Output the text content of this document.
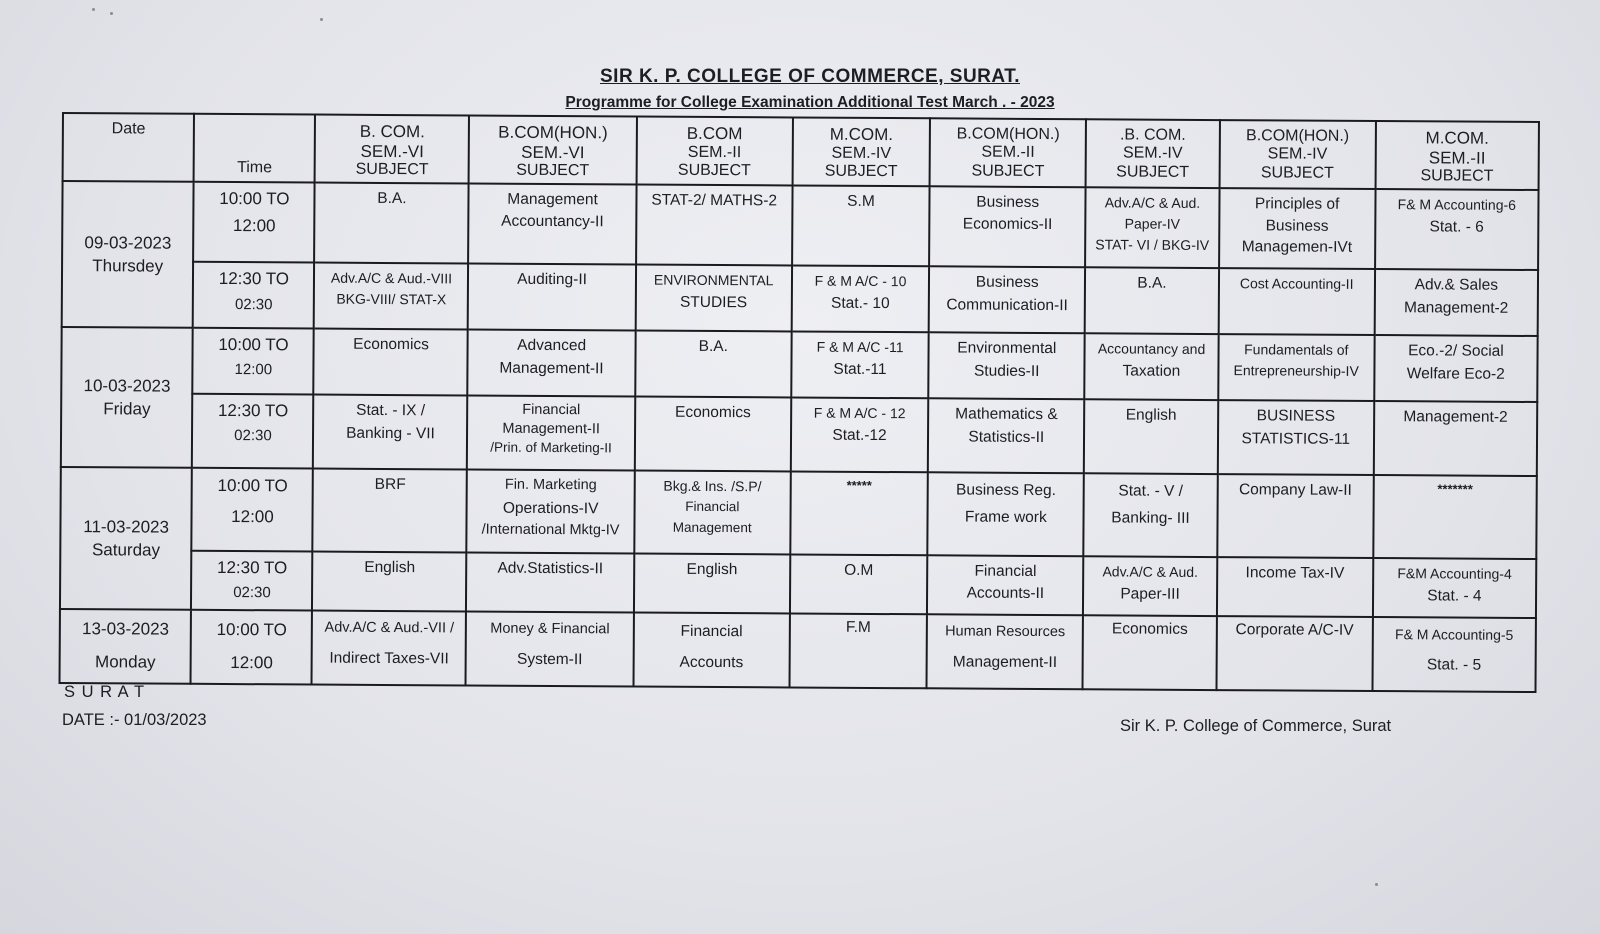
SIR K. P. COLLEGE OF COMMERCE, SURAT.
Programme for College Examination Additional Test March . - 2023
Date	Time	B. COM.
SEM.-VI
SUBJECT	B.COM(HON.)
SEM.-VI
SUBJECT	B.COM
SEM.-II
SUBJECT	M.COM.
SEM.-IV
SUBJECT	B.COM(HON.)
SEM.-II
SUBJECT	.B. COM.
SEM.-IV
SUBJECT	B.COM(HON.)
SEM.-IV
SUBJECT	M.COM.
SEM.-II
SUBJECT

09-03-2023
Thursdey	10:00 TO
12:00	B.A.	Management
Accountancy-II	STAT-2/ MATHS-2	S.M	Business
Economics-II	Adv.A/C & Aud.
Paper-IV
STAT- VI / BKG-IV	Principles of
Business
Managemen-IVt	F& M Accounting-6
Stat. - 6

	12:30 TO
02:30	Adv.A/C & Aud.-VIII
BKG-VIII/ STAT-X	Auditing-II	ENVIRONMENTAL
STUDIES	F & M A/C - 10
Stat.- 10	Business
Communication-II	B.A.	Cost Accounting-II	Adv.& Sales
Management-2

10-03-2023
Friday	10:00 TO
12:00	Economics	Advanced
Management-II	B.A.	F & M A/C -11
Stat.-11	Environmental
Studies-II	Accountancy and
Taxation	Fundamentals of
Entrepreneurship-IV	Eco.-2/ Social
Welfare Eco-2

	12:30 TO
02:30	Stat. - IX /
Banking - VII	Financial
Management-II
/Prin. of Marketing-II	Economics	F & M A/C - 12
Stat.-12	Mathematics &
Statistics-II	English	BUSINESS
STATISTICS-11	Management-2

11-03-2023
Saturday	10:00 TO
12:00	BRF	Fin. Marketing
Operations-IV
/International Mktg-IV	Bkg.& Ins. /S.P/
Financial
Management	*****	Business Reg.
Frame work	Stat. - V /
Banking- III	Company Law-II	*******

	12:30 TO
02:30	English	Adv.Statistics-II	English	O.M	Financial
Accounts-II	Adv.A/C & Aud.
Paper-III	Income Tax-IV	F&M Accounting-4
Stat. - 4

13-03-2023
Monday	10:00 TO
12:00	Adv.A/C & Aud.-VII /
Indirect Taxes-VII	Money & Financial
System-II	Financial
Accounts	F.M	Human Resources
Management-II	Economics	Corporate A/C-IV	F& M Accounting-5
Stat. - 5
S U R A T
DATE :- 01/03/2023	Sir K. P. College of Commerce, Surat
